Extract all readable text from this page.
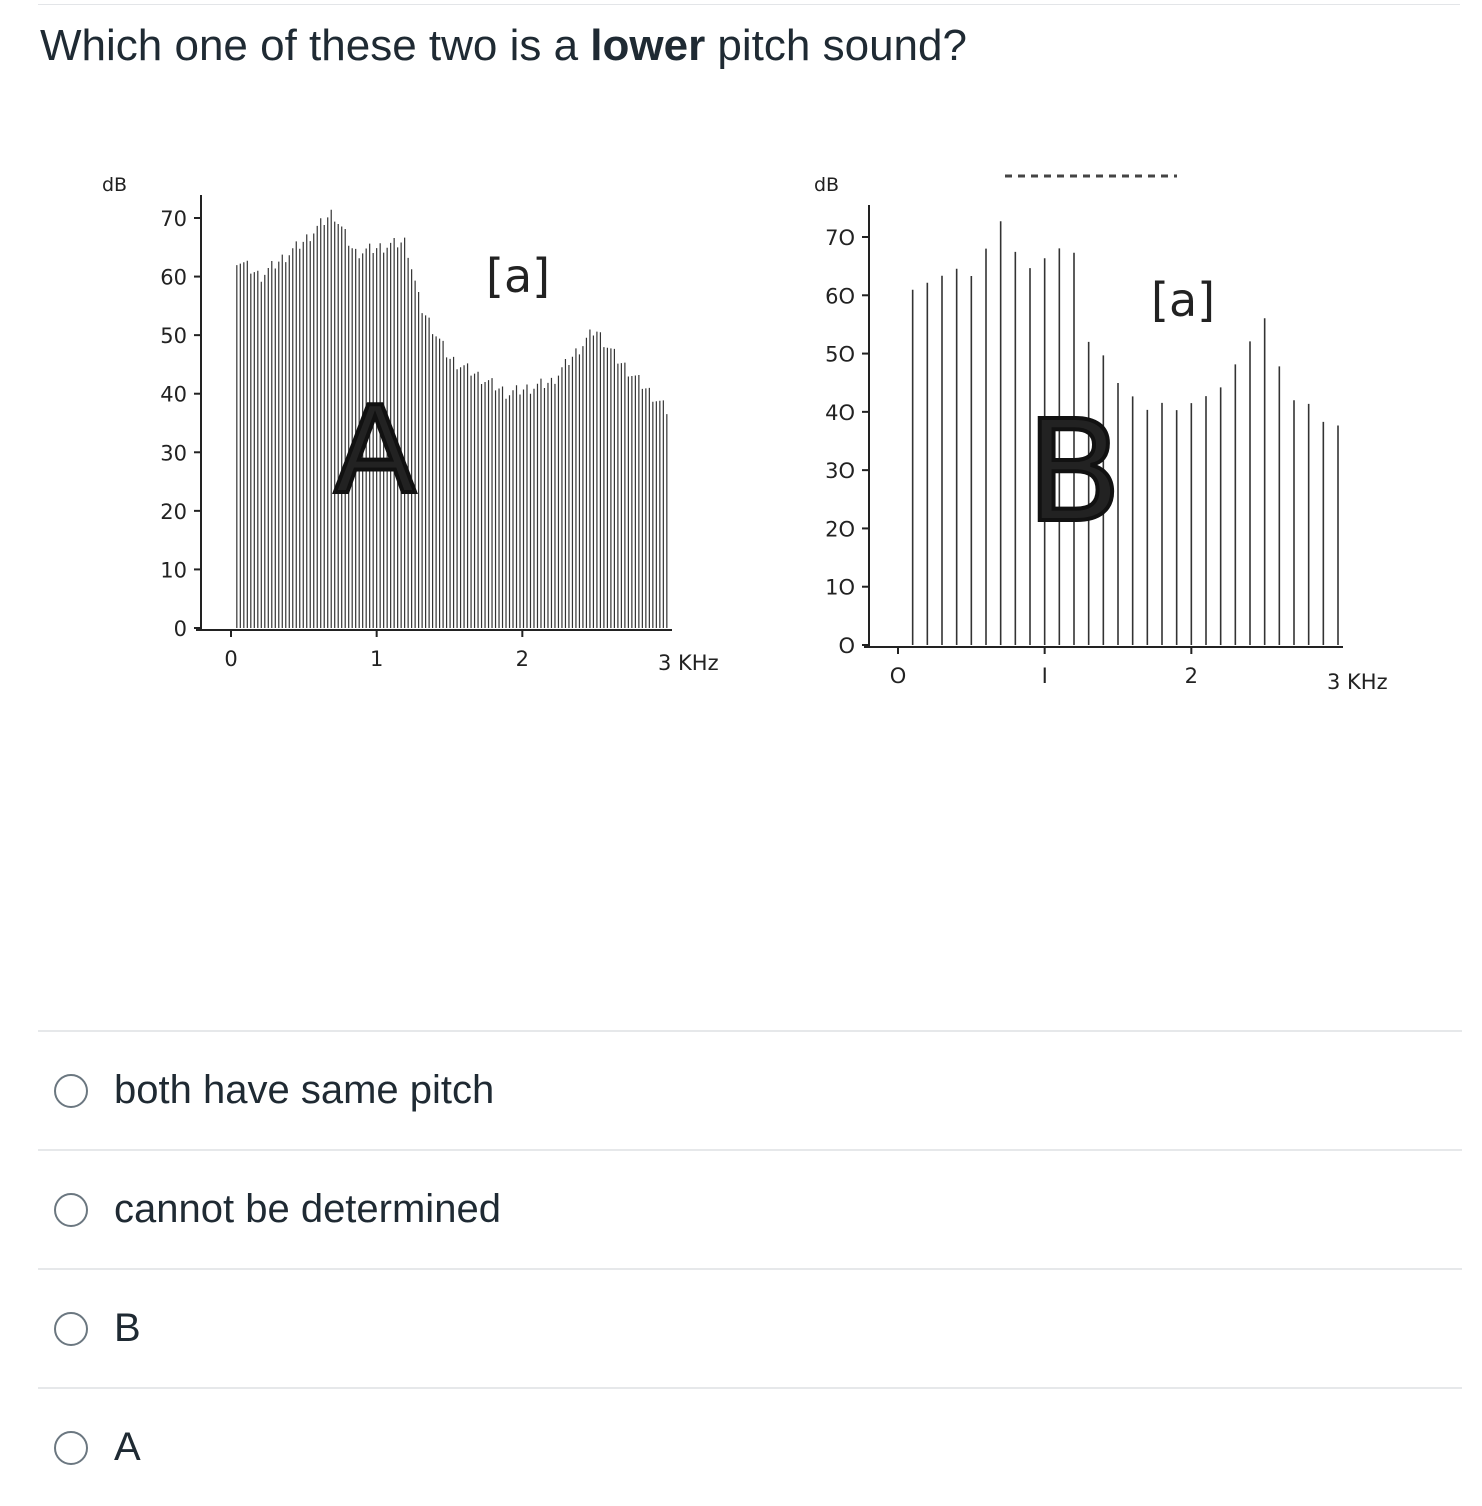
Which one of these two is a lower pitch sound?
dB
0
10
20
30
40
50
60
70
0	1	2	3 KHz
[a]
A
dB
O
1O
2O
3O
4O
5O
6O
7O
O	I	2	3 KHz
[a]
B
both have same pitch
cannot be determined
B
A
